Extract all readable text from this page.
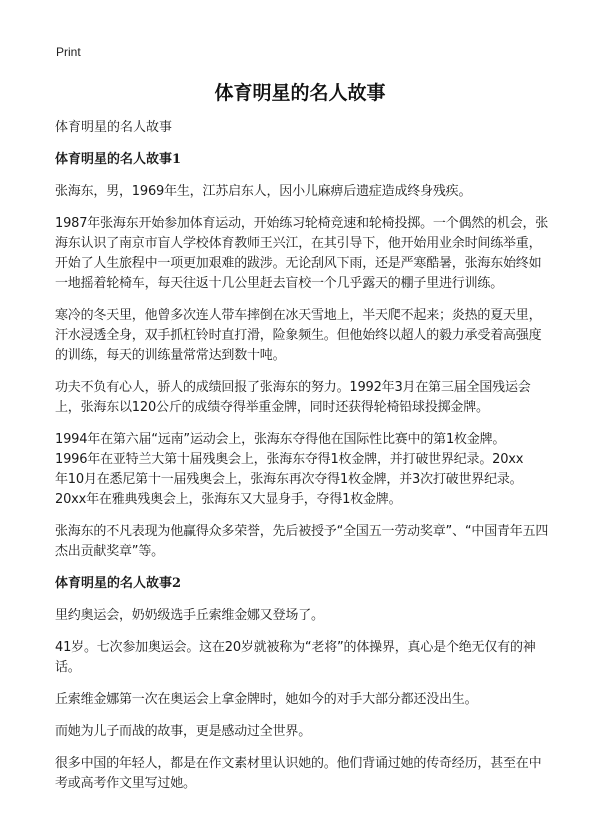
Print
体育明星的名人故事

体育明星的名人故事

体育明星的名人故事1

张海东，男，1969年生，江苏启东人，因小儿麻痹后遗症造成终身残疾。

1987年张海东开始参加体育运动，开始练习轮椅竞速和轮椅投掷。一个偶然的机会，张海东认识了南京市盲人学校体育教师王兴江，在其引导下，他开始用业余时间练举重，开始了人生旅程中一项更加艰难的跋涉。无论刮风下雨，还是严寒酷暑，张海东始终如一地摇着轮椅车，每天往返十几公里赶去盲校一个几乎露天的棚子里进行训练。

寒冷的冬天里，他曾多次连人带车摔倒在冰天雪地上，半天爬不起来；炎热的夏天里，汗水浸透全身，双手抓杠铃时直打滑，险象频生。但他始终以超人的毅力承受着高强度的训练，每天的训练量常常达到数十吨。

功夫不负有心人，骄人的成绩回报了张海东的努力。1992年3月在第三届全国残运会上，张海东以120公斤的成绩夺得举重金牌，同时还获得轮椅铅球投掷金牌。

1994年在第六届“远南”运动会上，张海东夺得他在国际性比赛中的第1枚金牌。
1996年在亚特兰大第十届残奥会上，张海东夺得1枚金牌，并打破世界纪录。20xx
年10月在悉尼第十一届残奥会上，张海东再次夺得1枚金牌，并3次打破世界纪录。
20xx年在雅典残奥会上，张海东又大显身手，夺得1枚金牌。

张海东的不凡表现为他赢得众多荣誉，先后被授予“全国五一劳动奖章”、“中国青年五四杰出贡献奖章”等。

体育明星的名人故事2

里约奥运会，奶奶级选手丘索维金娜又登场了。

41岁。七次参加奥运会。这在20岁就被称为“老将”的体操界，真心是个绝无仅有的神话。

丘索维金娜第一次在奥运会上拿金牌时，她如今的对手大部分都还没出生。

而她为儿子而战的故事，更是感动过全世界。

很多中国的年轻人，都是在作文素材里认识她的。他们背诵过她的传奇经历，甚至在中考或高考作文里写过她。
